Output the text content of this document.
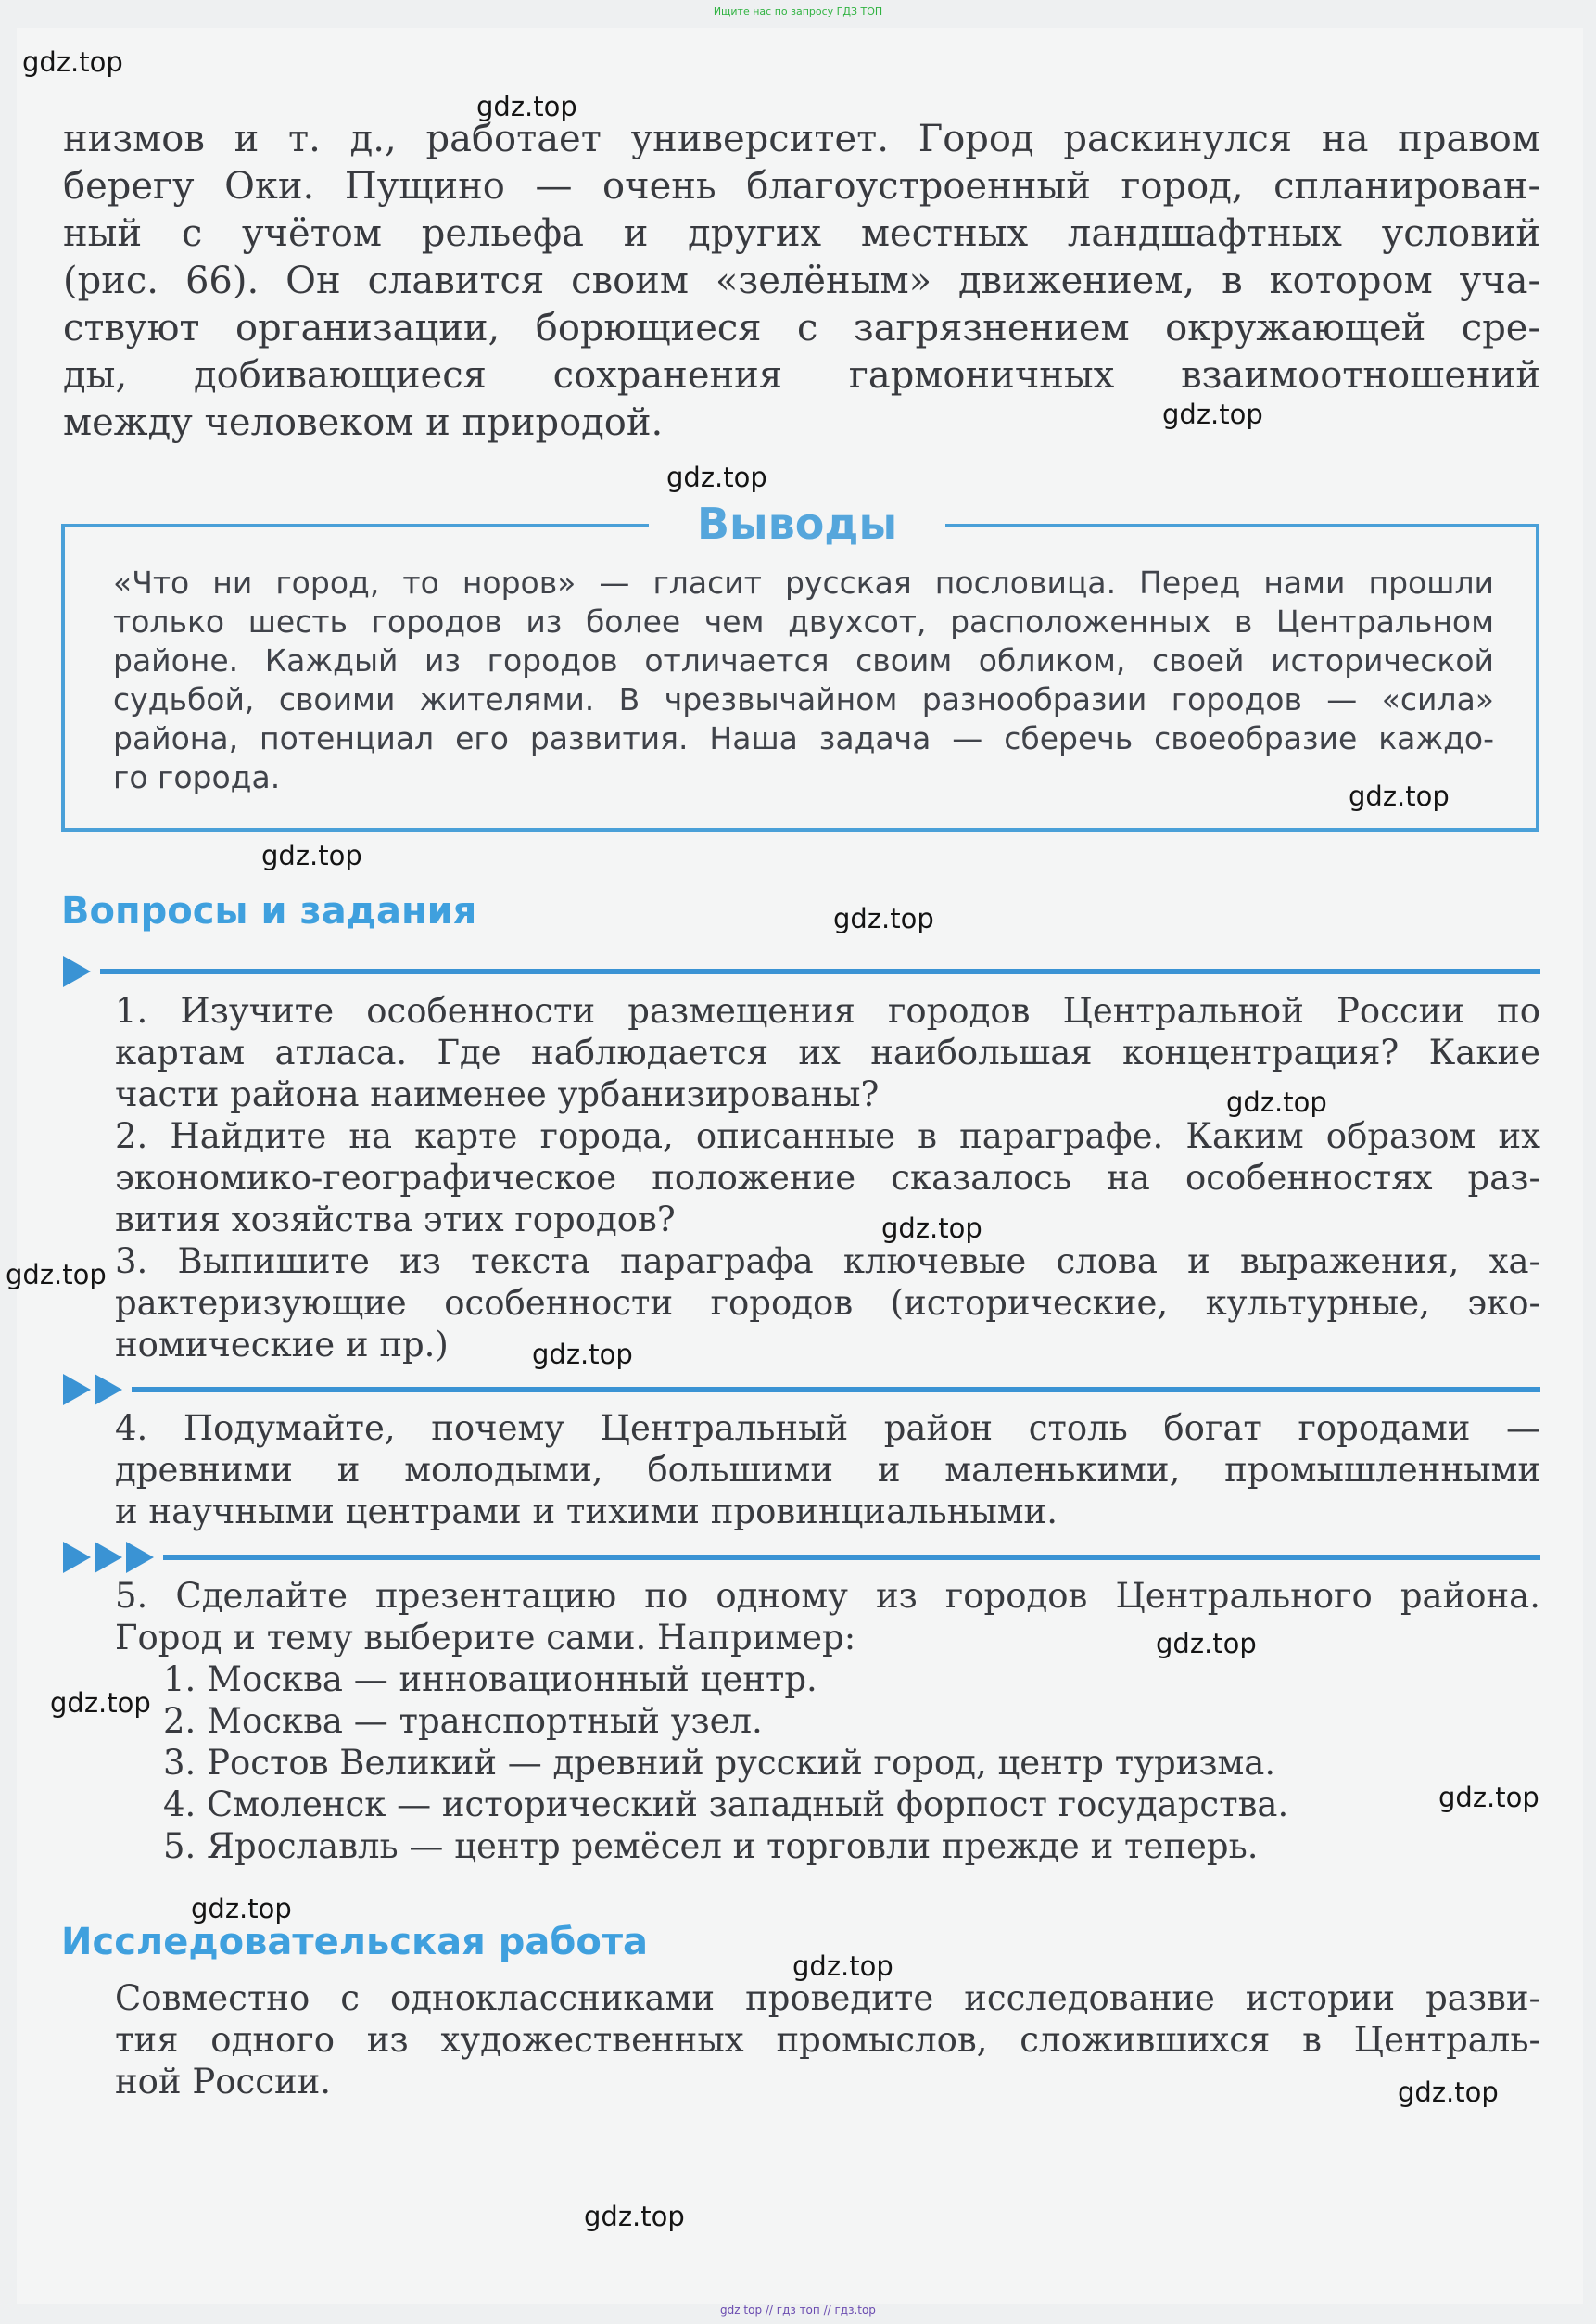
Ищите нас по запросу ГДЗ ТОП
низмов и т. д., работает университет. Город раскинулся на правом
берегу Оки. Пущино — очень благоустроенный город, спланирован-
ный с учётом рельефа и других местных ландшафтных условий
(рис. 66). Он славится своим «зелёным» движением, в котором уча-
ствуют организации, борющиеся с загрязнением окружающей сре-
ды, добивающиеся сохранения гармоничных взаимоотношений
между человеком и природой.
Выводы
«Что ни город, то норов» — гласит русская пословица. Перед нами прошли
только шесть городов из более чем двухсот, расположенных в Центральном
районе. Каждый из городов отличается своим обликом, своей исторической
судьбой, своими жителями. В чрезвычайном разнообразии городов — «сила»
района, потенциал его развития. Наша задача — сберечь своеобразие каждо-
го города.
Вопросы и задания
1. Изучите особенности размещения городов Центральной России по
картам атласа. Где наблюдается их наибольшая концентрация? Какие
части района наименее урбанизированы?
2. Найдите на карте города, описанные в параграфе. Каким образом их
экономико-географическое положение сказалось на особенностях раз-
вития хозяйства этих городов?
3. Выпишите из текста параграфа ключевые слова и выражения, ха-
рактеризующие особенности городов (исторические, культурные, эко-
номические и пр.)
4. Подумайте, почему Центральный район столь богат городами —
древними и молодыми, большими и маленькими, промышленными
и научными центрами и тихими провинциальными.
5. Сделайте презентацию по одному из городов Центрального района.
Город и тему выберите сами. Например:
1. Москва — инновационный центр.
2. Москва — транспортный узел.
3. Ростов Великий — древний русский город, центр туризма.
4. Смоленск — исторический западный форпост государства.
5. Ярославль — центр ремёсел и торговли прежде и теперь.
Исследовательская работа
Совместно с одноклассниками проведите исследование истории разви-
тия одного из художественных промыслов, сложившихся в Централь-
ной России.
gdz.top
gdz.top
gdz.top
gdz.top
gdz.top
gdz.top
gdz.top
gdz.top
gdz.top
gdz.top
gdz.top
gdz.top
gdz.top
gdz.top
gdz.top
gdz.top
gdz.top
gdz.top
gdz top // гдз топ // гдз.top
